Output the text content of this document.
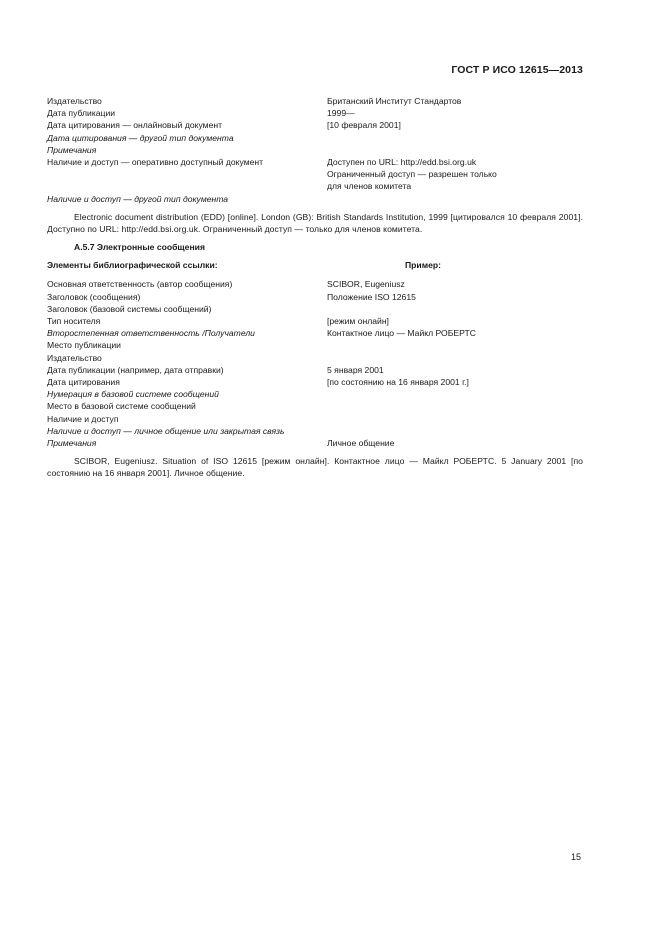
ГОСТ Р ИСО 12615—2013
Издательство	Британский Институт Стандартов
Дата публикации	1999—
Дата цитирования — онлайновый документ	[10 февраля 2001]
Дата цитирования — другой тип документа
Примечания
Наличие и доступ — оперативно доступный документ	Доступен по URL: http://edd.bsi.org.uk
Ограниченный доступ — разрешен только
для членов комитета
Наличие и доступ — другой тип документа
Electronic document distribution (EDD) [online]. London (GB): British Standards Institution, 1999 [цитировался 10 февраля 2001]. Доступно по URL: http://edd.bsi.org.uk. Ограниченный доступ — только для членов комитета.
А.5.7 Электронные сообщения
Элементы библиографической ссылки:	Пример:
Основная ответственность (автор сообщения)	SCIBOR, Eugeniusz
Заголовок (сообщения)	Положение ISO 12615
Заголовок (базовой системы сообщений)
Тип носителя	[режим онлайн]
Второстепенная ответственность /Получатели	Контактное лицо — Майкл РОБЕРТС
Место публикации
Издательство
Дата публикации (например, дата отправки)	5 января 2001
Дата цитирования	[по состоянию на 16 января 2001 г.]
Нумерация в базовой системе сообщений
Место в базовой системе сообщений
Наличие и доступ
Наличие и доступ — личное общение или закрытая связь
Примечания	Личное общение
SCIBOR, Eugeniusz. Situation of ISO 12615 [режим онлайн]. Контактное лицо — Майкл РОБЕРТС. 5 January 2001 [по состоянию на 16 января 2001]. Личное общение.
15
